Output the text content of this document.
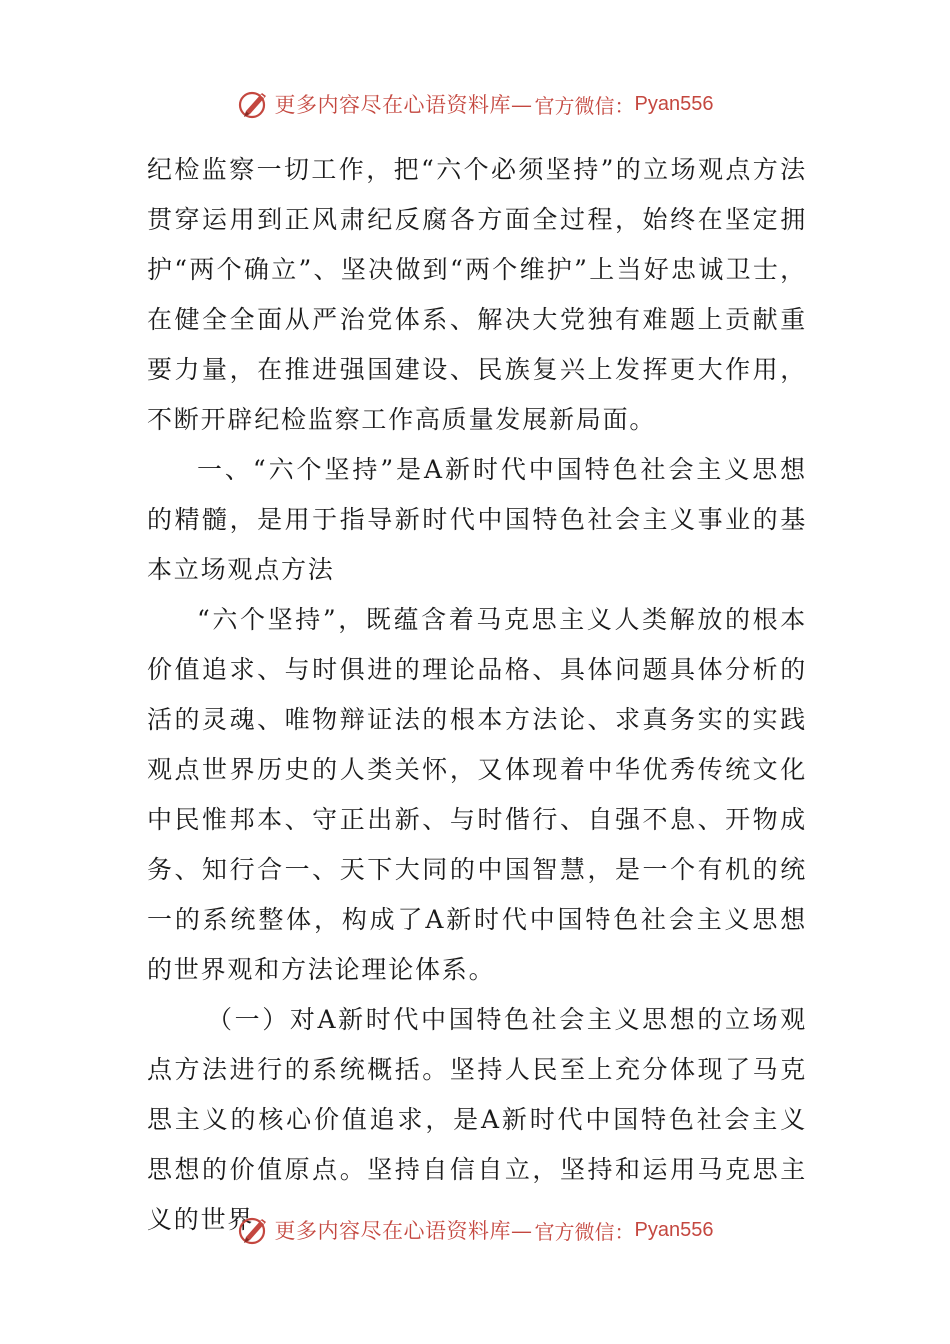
更多内容尽在心语资料库— 官方微信： Pyan556

纪检监察一切工作，把“六个必须坚持”的立场观点方法贯穿运用到正风肃纪反腐各方面全过程，始终在坚定拥护“两个确立”、坚决做到“两个维护”上当好忠诚卫士，在健全全面从严治党体系、解决大党独有难题上贡献重要力量，在推进强国建设、民族复兴上发挥更大作用，不断开辟纪检监察工作高质量发展新局面。

一、“六个坚持”是A新时代中国特色社会主义思想的精髓，是用于指导新时代中国特色社会主义事业的基本立场观点方法

“六个坚持”，既蕴含着马克思主义人类解放的根本价值追求、与时俱进的理论品格、具体问题具体分析的活的灵魂、唯物辩证法的根本方法论、求真务实的实践观点世界历史的人类关怀，又体现着中华优秀传统文化中民惟邦本、守正出新、与时偕行、自强不息、开物成务、知行合一、天下大同的中国智慧，是一个有机的统一的系统整体，构成了A新时代中国特色社会主义思想的世界观和方法论理论体系。

（一）对A新时代中国特色社会主义思想的立场观点方法进行的系统概括。坚持人民至上充分体现了马克思主义的核心价值追求，是A新时代中国特色社会主义思想的价值原点。坚持自信自立，坚持和运用马克思主义的世界 更多内容尽在心语资料库— 官方微信： Pyan556
